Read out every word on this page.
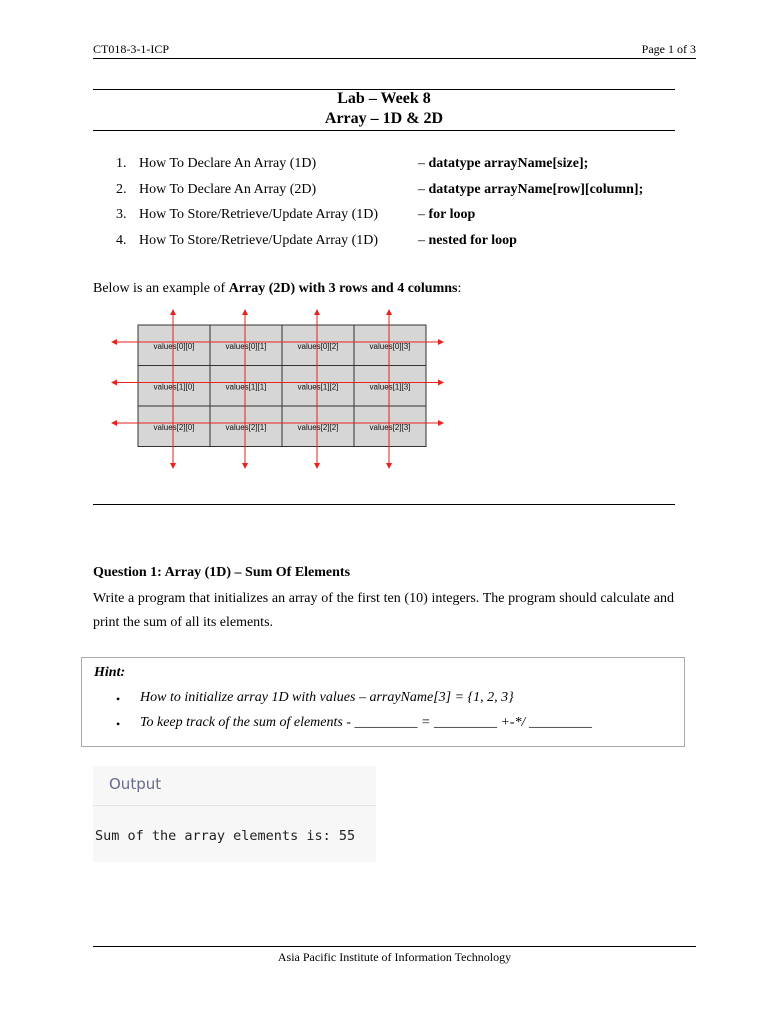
CT018-3-1-ICP	Page 1 of 3
Lab – Week 8
Array – 1D & 2D
1. How To Declare An Array (1D)	– datatype arrayName[size];
2. How To Declare An Array (2D)	– datatype arrayName[row][column];
3. How To Store/Retrieve/Update Array (1D)	– for loop
4. How To Store/Retrieve/Update Array (1D)	– nested for loop
Below is an example of Array (2D) with 3 rows and 4 columns:
values[0][0]	values[0][1]	values[0][2]	values[0][3]
values[1][0]	values[1][1]	values[1][2]	values[1][3]
values[2][0]	values[2][1]	values[2][2]	values[2][3]
Question 1: Array (1D) – Sum Of Elements
Write a program that initializes an array of the first ten (10) integers. The program should calculate and print the sum of all its elements.
Hint:
• How to initialize array 1D with values – arrayName[3] = {1, 2, 3}
• To keep track of the sum of elements - _________ = _________ +-*/ _________
Output
Sum of the array elements is: 55
Asia Pacific Institute of Information Technology
